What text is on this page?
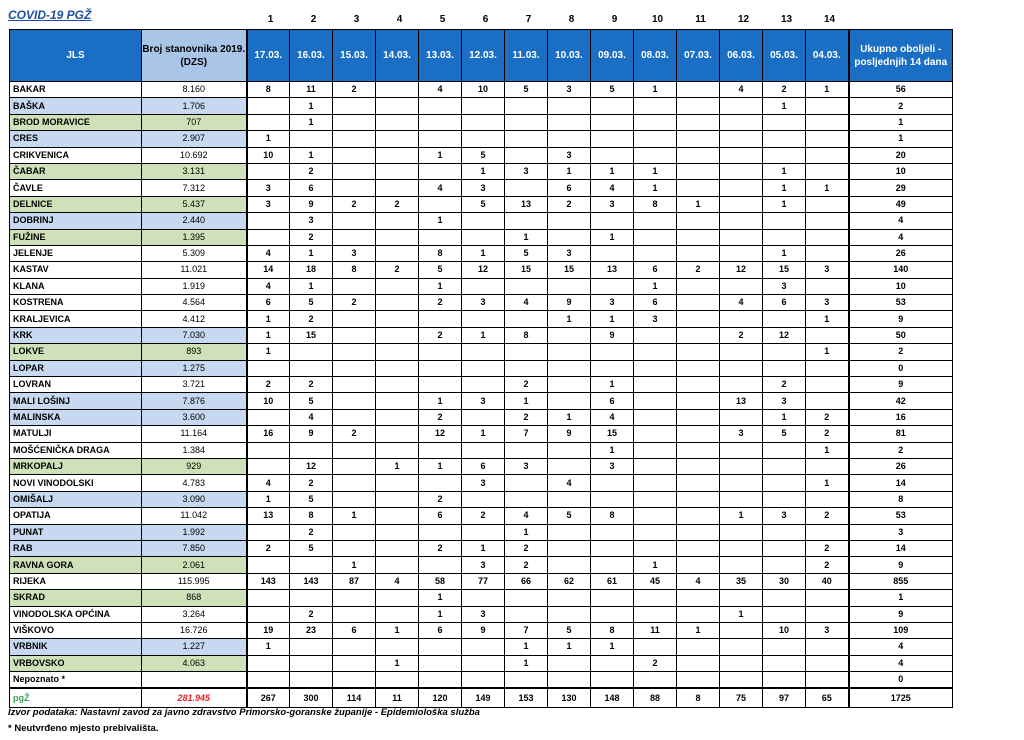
COVID-19 PGŽ	1	2	3	4	5	6	7	8	9	10	11	12	13	14
JLS	Broj stanovnika 2019. (DZS)	17.03.	16.03.	15.03.	14.03.	13.03.	12.03.	11.03.	10.03.	09.03.	08.03.	07.03.	06.03.	05.03.	04.03.	Ukupno oboljeli - posljednjih 14 dana
BAKAR	8.160	8	11	2		4	10	5	3	5	1		4	2	1	56
BAŠKA	1.706		1											1		2
BROD MORAVICE	707		1													1
CRES	2.907	1														1
CRIKVENICA	10.692	10	1			1	5		3							20
ČABAR	3.131		2				1	3	1	1	1			1		10
ČAVLE	7.312	3	6			4	3		6	4	1			1	1	29
DELNICE	5.437	3	9	2	2		5	13	2	3	8	1		1		49
DOBRINJ	2.440		3			1										4
FUŽINE	1.395		2					1		1						4
JELENJE	5.309	4	1	3		8	1	5	3					1		26
KASTAV	11.021	14	18	8	2	5	12	15	15	13	6	2	12	15	3	140
KLANA	1.919	4	1			1					1			3		10
KOSTRENA	4.564	6	5	2		2	3	4	9	3	6		4	6	3	53
KRALJEVICA	4.412	1	2						1	1	3				1	9
KRK	7.030	1	15			2	1	8		9			2	12		50
LOKVE	893	1													1	2
LOPAR	1.275															0
LOVRAN	3.721	2	2					2		1				2		9
MALI LOŠINJ	7.876	10	5			1	3	1		6			13	3		42
MALINSKA	3.600		4			2		2	1	4				1	2	16
MATULJI	11.164	16	9	2		12	1	7	9	15			3	5	2	81
MOŠĆENIČKA DRAGA	1.384									1					1	2
MRKOPALJ	929		12		1	1	6	3		3						26
NOVI VINODOLSKI	4.783	4	2				3		4						1	14
OMIŠALJ	3.090	1	5			2										8
OPATIJA	11.042	13	8	1		6	2	4	5	8			1	3	2	53
PUNAT	1.992		2					1								3
RAB	7.850	2	5			2	1	2							2	14
RAVNA GORA	2.061			1			3	2			1				2	9
RIJEKA	115.995	143	143	87	4	58	77	66	62	61	45	4	35	30	40	855
SKRAD	868					1										1
VINODOLSKA OPĆINA	3.264		2			1	3						1			9
VIŠKOVO	16.726	19	23	6	1	6	9	7	5	8	11	1		10	3	109
VRBNIK	1.227	1						1	1	1						4
VRBOVSKO	4.063				1			1			2					4
Nepoznato *																0
pgŽ	281.945	267	300	114	11	120	149	153	130	148	88	8	75	97	65	1725
Izvor podataka: Nastavni zavod za javno zdravstvo Primorsko-goranske županije - Epidemiološka služba
* Neutvrđeno mjesto prebivališta.
